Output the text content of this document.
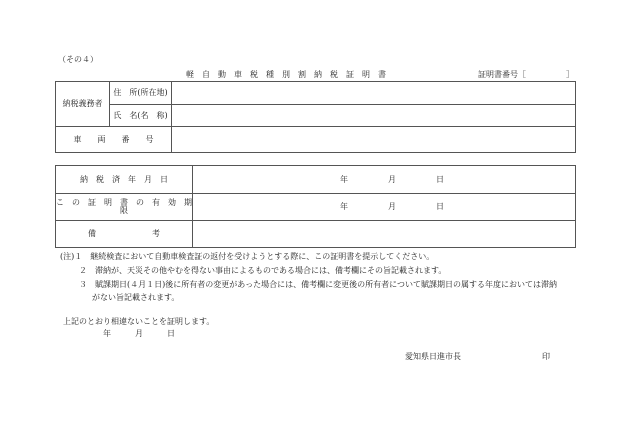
（その４）
軽　自　動　車　税　種　別　割　納　税　証　明　書	証明書番号［　　　　　］
納税義務者	住　所(所在地)	
	氏　名(名　称)	
車　　両　　番　　号		
納　税　済　年　月　日	年　　　　　月　　　　　日

こ　の　証　明　書　の　有　効　期　限	年　　　　　月　　　　　日

備　　　　　　　考	
(注)１　継続検査において自動車検査証の返付を受けようとする際に、この証明書を提示してください。
２　滞納が、天災その他やむを得ない事由によるものである場合には、備考欄にその旨記載されます。
３　賦課期日(４月１日)後に所有者の変更があった場合には、備考欄に変更後の所有者について賦課期日の属する年度においては滞納
がない旨記載されます。
上記のとおり相違ないことを証明します。
年　　　月　　　日
愛知県日進市長	印
